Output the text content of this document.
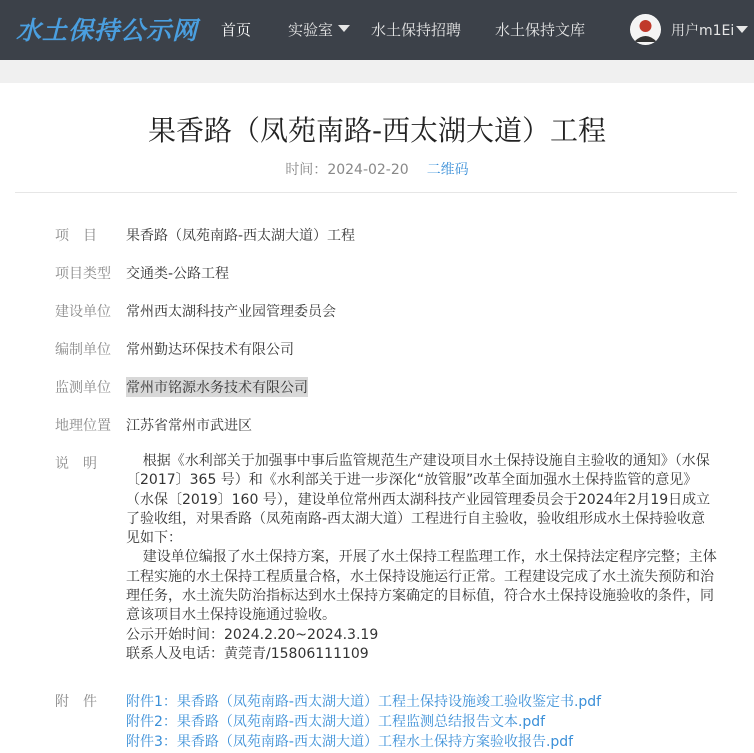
水土保持公示网 首页 实验室	水土保持招聘 水土保持文库	用户m1Ei
果香路（凤苑南路-西太湖大道）工程
时间：2024-02-20 二维码
项　目 果香路（凤苑南路-西太湖大道）工程
项目类型 交通类-公路工程
建设单位 常州西太湖科技产业园管理委员会
编制单位 常州勤达环保技术有限公司
监测单位 常州市铭源水务技术有限公司
地理位置 江苏省常州市武进区
说　明	根据《水利部关于加强事中事后监管规范生产建设项目水土保持设施自主验收的通知》（水保〔2017〕365 号）和《水利部关于进一步深化“放管服”改革全面加强水土保持监管的意见》（水保〔2019〕160 号），建设单位常州西太湖科技产业园管理委员会于2024年2月19日成立了验收组，对果香路（凤苑南路-西太湖大道）工程进行自主验收，验收组形成水土保持验收意见如下：

建设单位编报了水土保持方案，开展了水土保持工程监理工作，水土保持法定程序完整；主体工程实施的水土保持工程质量合格，水土保持设施运行正常。工程建设完成了水土流失预防和治理任务，水土流失防治指标达到水土保持方案确定的目标值，符合水土保持设施验收的条件，同意该项目水土保持设施通过验收。

公示开始时间：2024.2.20~2024.3.19

联系人及电话：黄莞青/15806111109

附　件 附件1：果香路（凤苑南路-西太湖大道）工程土保持设施竣工验收鉴定书.pdf
附件2：果香路（凤苑南路-西太湖大道）工程监测总结报告文本.pdf
附件3：果香路（凤苑南路-西太湖大道）工程水土保持方案验收报告.pdf
